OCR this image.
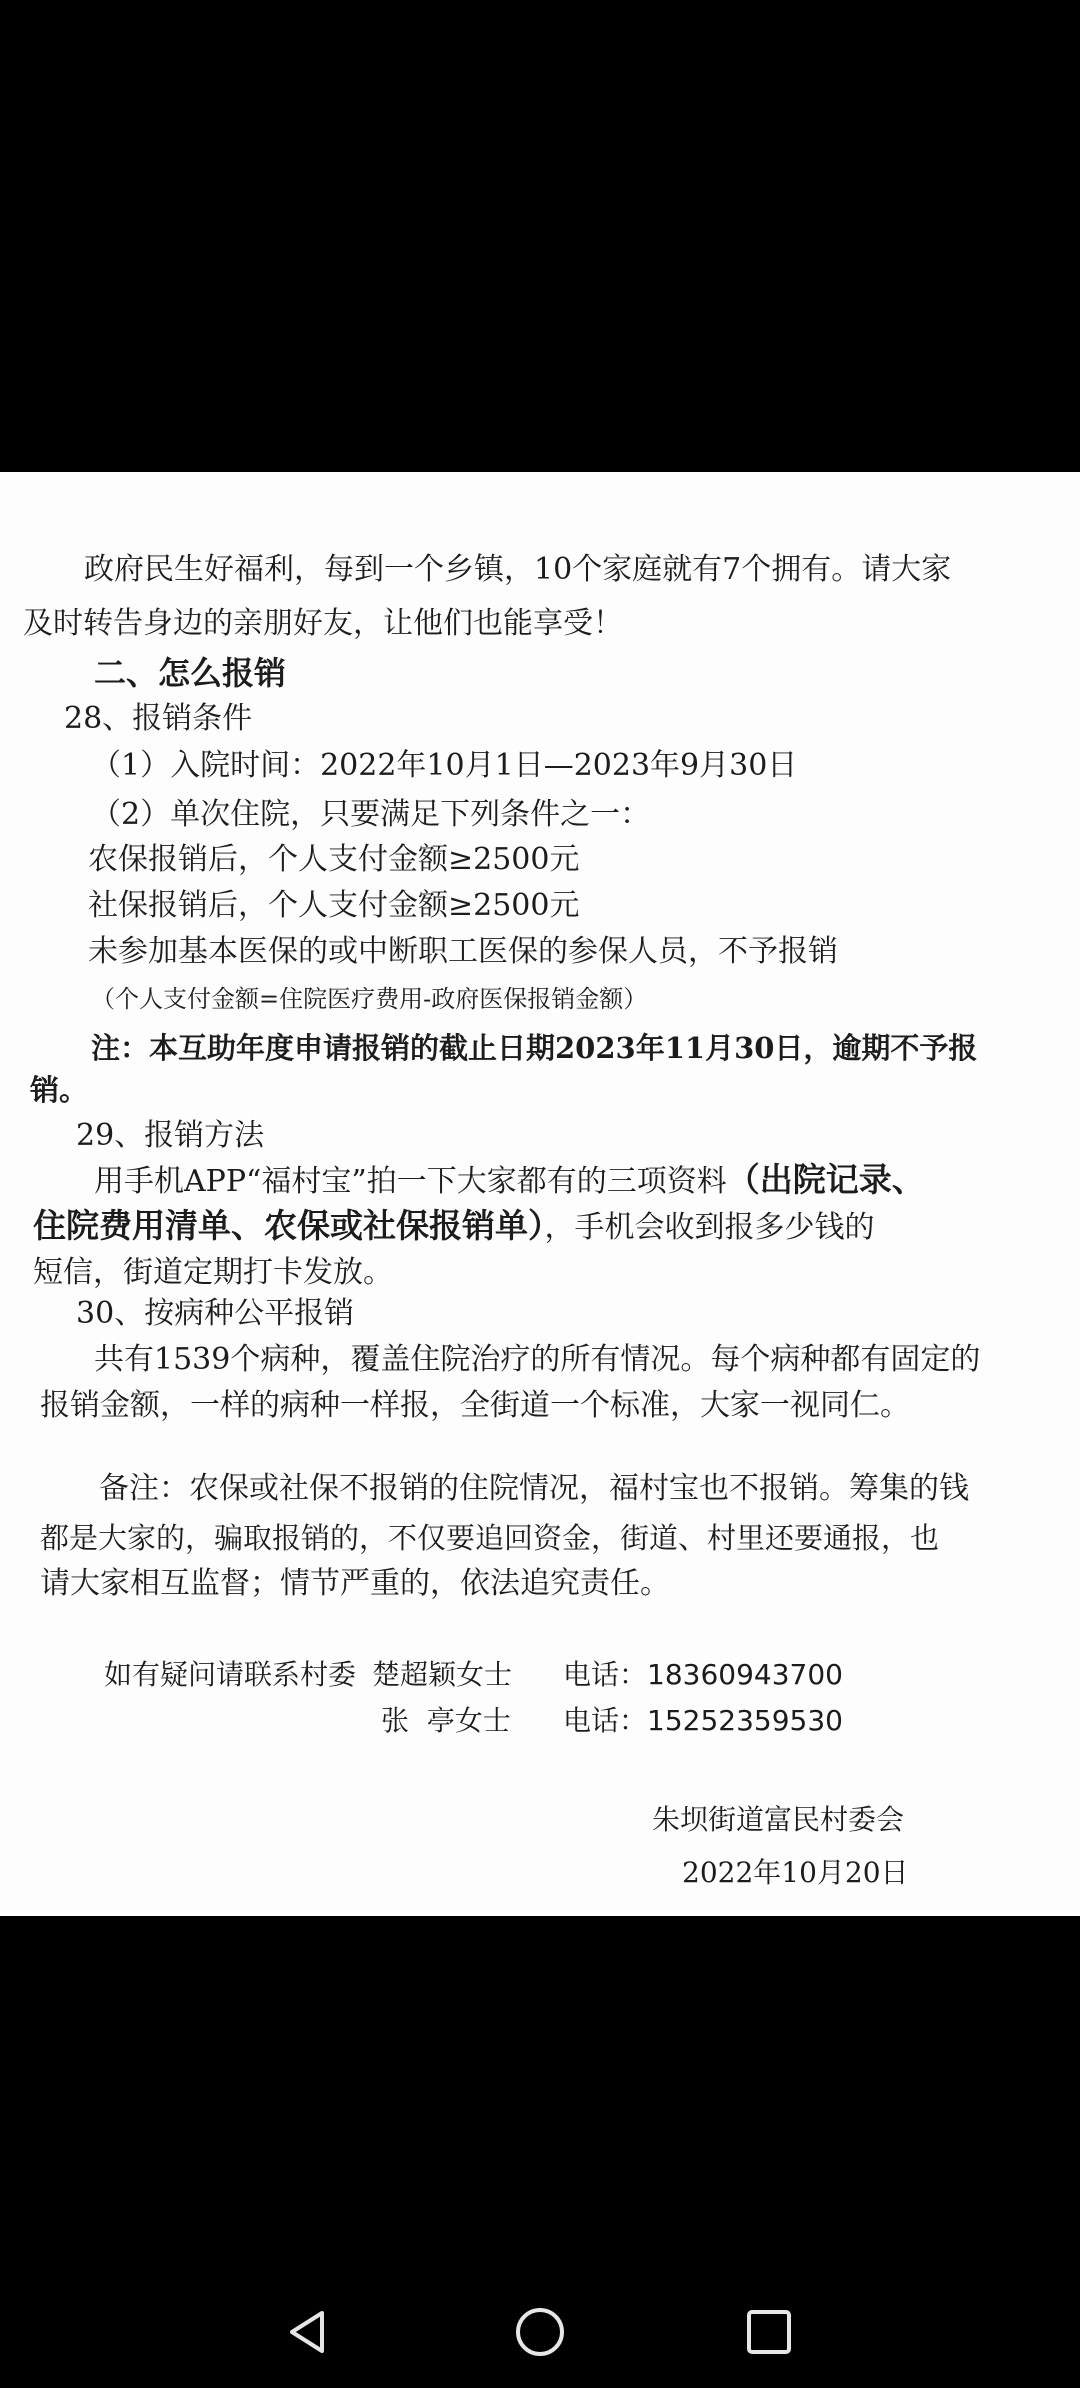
政府民生好福利，每到一个乡镇，10个家庭就有7个拥有。请大家
及时转告身边的亲朋好友，让他们也能享受！
二、怎么报销
28、报销条件
（1）入院时间：2022年10月1日—2023年9月30日
（2）单次住院，只要满足下列条件之一：
农保报销后，个人支付金额≥2500元
社保报销后，个人支付金额≥2500元
未参加基本医保的或中断职工医保的参保人员，不予报销
（个人支付金额=住院医疗费用-政府医保报销金额）
注：本互助年度申请报销的截止日期2023年11月30日，逾期不予报
销。
29、报销方法
用手机APP“福村宝”拍一下大家都有的三项资料（出院记录、
住院费用清单、农保或社保报销单），手机会收到报多少钱的
短信，街道定期打卡发放。
30、按病种公平报销
共有1539个病种，覆盖住院治疗的所有情况。每个病种都有固定的
报销金额，一样的病种一样报，全街道一个标准，大家一视同仁。
备注：农保或社保不报销的住院情况，福村宝也不报销。筹集的钱
都是大家的，骗取报销的，不仅要追回资金，街道、村里还要通报，也
请大家相互监督；情节严重的，依法追究责任。
如有疑问请联系村委 楚超颖女士 电话：18360943700
张  亭女士 电话：15252359530
朱坝街道富民村委会
2022年10月20日
